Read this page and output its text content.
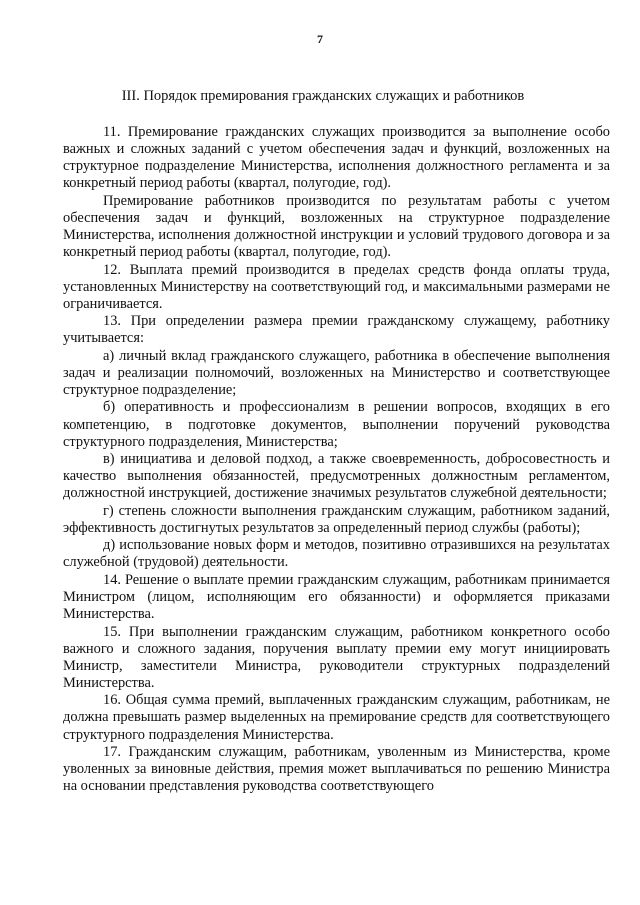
7
III. Порядок премирования гражданских служащих и работников

11. Премирование гражданских служащих производится за выполнение особо важных и сложных заданий с учетом обеспечения задач и функций, возложенных на структурное подразделение Министерства, исполнения должностного регламента и за конкретный период работы (квартал, полугодие, год).

Премирование работников производится по результатам работы с учетом обеспечения задач и функций, возложенных на структурное подразделение Министерства, исполнения должностной инструкции и условий трудового договора и за конкретный период работы (квартал, полугодие, год).

12. Выплата премий производится в пределах средств фонда оплаты труда, установленных Министерству на соответствующий год, и максимальными размерами не ограничивается.

13. При определении размера премии гражданскому служащему, работнику учитывается:

а) личный вклад гражданского служащего, работника в обеспечение выполнения задач и реализации полномочий, возложенных на Министерство и соответствующее структурное подразделение;

б) оперативность и профессионализм в решении вопросов, входящих в его компетенцию, в подготовке документов, выполнении поручений руководства структурного подразделения, Министерства;

в) инициатива и деловой подход, а также своевременность, добросовестность и качество выполнения обязанностей, предусмотренных должностным регламентом, должностной инструкцией, достижение значимых результатов служебной деятельности;

г) степень сложности выполнения гражданским служащим, работником заданий, эффективность достигнутых результатов за определенный период службы (работы);

д) использование новых форм и методов, позитивно отразившихся на результатах служебной (трудовой) деятельности.

14. Решение о выплате премии гражданским служащим, работникам принимается Министром (лицом, исполняющим его обязанности) и оформляется приказами Министерства.

15. При выполнении гражданским служащим, работником конкретного особо важного и сложного задания, поручения выплату премии ему могут инициировать Министр, заместители Министра, руководители структурных подразделений Министерства.

16. Общая сумма премий, выплаченных гражданским служащим, работникам, не должна превышать размер выделенных на премирование средств для соответствующего структурного подразделения Министерства.

17. Гражданским служащим, работникам, уволенным из Министерства, кроме уволенных за виновные действия, премия может выплачиваться по решению Министра на основании представления руководства соответствующего
